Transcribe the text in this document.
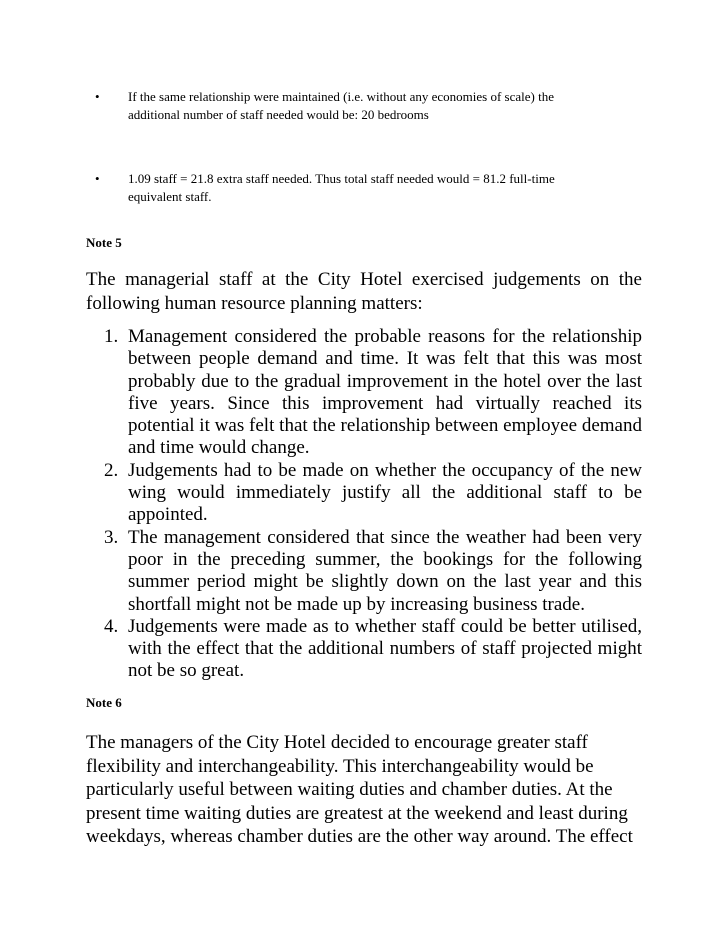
• If the same relationship were maintained (i.e. without any economies of scale) the additional number of staff needed would be: 20 bedrooms
• 1.09 staff = 21.8 extra staff needed. Thus total staff needed would = 81.2 full-time equivalent staff.
Note 5
The managerial staff at the City Hotel exercised judgements on the following human resource planning matters:
1. Management considered the probable reasons for the relationship between people demand and time. It was felt that this was most probably due to the gradual improvement in the hotel over the last five years. Since this improvement had virtually reached its potential it was felt that the relationship between employee demand and time would change.
2. Judgements had to be made on whether the occupancy of the new wing would immediately justify all the additional staff to be appointed.
3. The management considered that since the weather had been very poor in the preceding summer, the bookings for the following summer period might be slightly down on the last year and this shortfall might not be made up by increasing business trade.
4. Judgements were made as to whether staff could be better utilised, with the effect that the additional numbers of staff projected might not be so great.
Note 6
The managers of the City Hotel decided to encourage greater staff flexibility and interchangeability. This interchangeability would be particularly useful between waiting duties and chamber duties. At the present time waiting duties are greatest at the weekend and least during weekdays, whereas chamber duties are the other way around. The effect
